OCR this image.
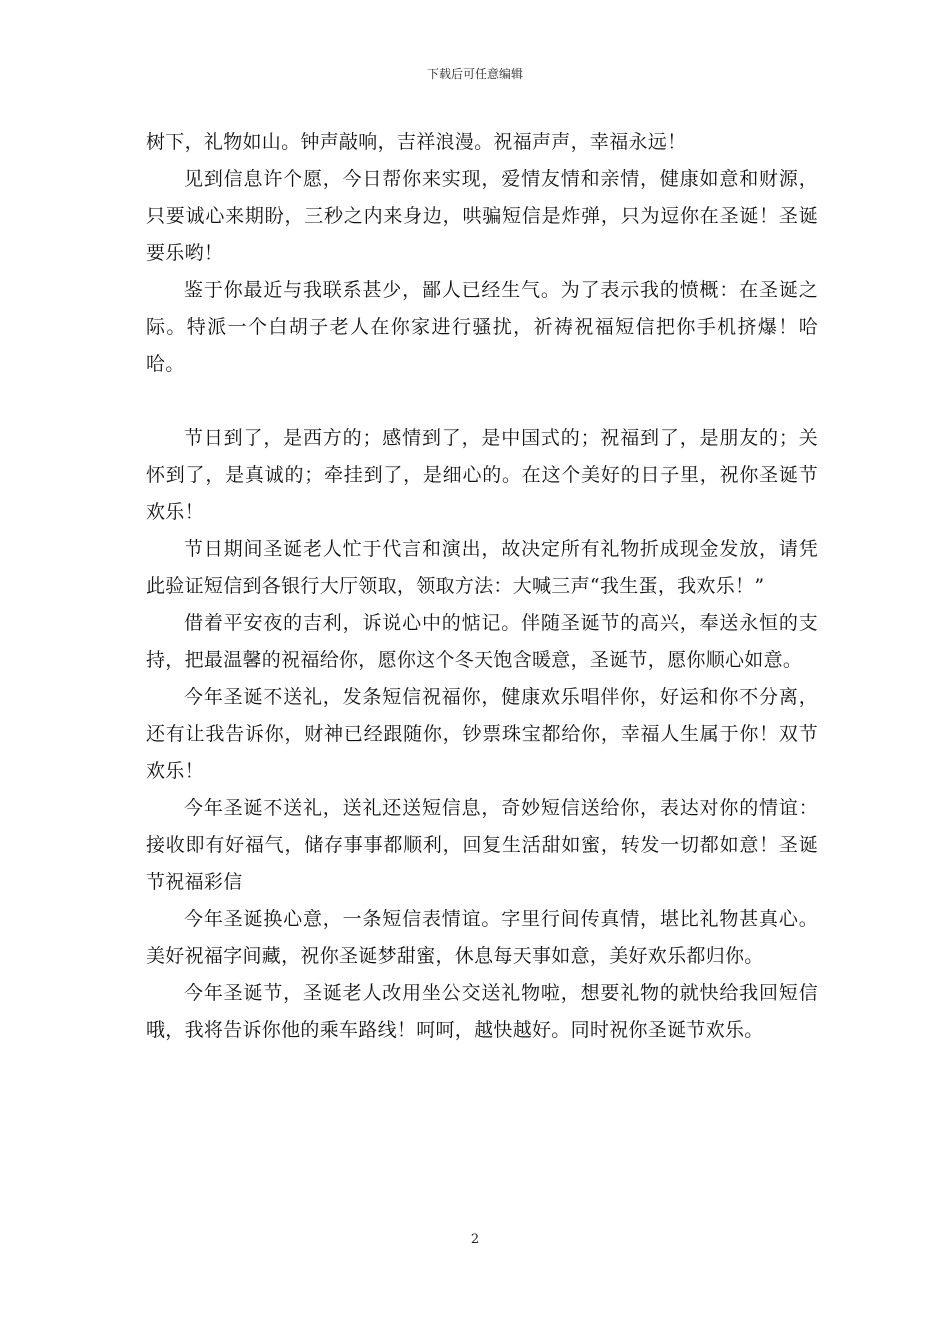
下载后可任意编辑

树下，礼物如山。钟声敲响，吉祥浪漫。祝福声声，幸福永远！

见到信息许个愿，今日帮你来实现，爱情友情和亲情，健康如意和财源，只要诚心来期盼，三秒之内来身边，哄骗短信是炸弹，只为逗你在圣诞！圣诞要乐哟！

鉴于你最近与我联系甚少，鄙人已经生气。为了表示我的愤概：在圣诞之际。特派一个白胡子老人在你家进行骚扰，祈祷祝福短信把你手机挤爆！哈哈。

节日到了，是西方的；感情到了，是中国式的；祝福到了，是朋友的；关怀到了，是真诚的；牵挂到了，是细心的。在这个美好的日子里，祝你圣诞节欢乐！

节日期间圣诞老人忙于代言和演出，故决定所有礼物折成现金发放，请凭此验证短信到各银行大厅领取，领取方法：大喊三声“我生蛋，我欢乐！”

借着平安夜的吉利，诉说心中的惦记。伴随圣诞节的高兴，奉送永恒的支持，把最温馨的祝福给你，愿你这个冬天饱含暖意，圣诞节，愿你顺心如意。

今年圣诞不送礼，发条短信祝福你，健康欢乐唱伴你，好运和你不分离，还有让我告诉你，财神已经跟随你，钞票珠宝都给你，幸福人生属于你！双节欢乐！

今年圣诞不送礼，送礼还送短信息，奇妙短信送给你，表达对你的情谊：接收即有好福气，储存事事都顺利，回复生活甜如蜜，转发一切都如意！圣诞节祝福彩信

今年圣诞换心意，一条短信表情谊。字里行间传真情，堪比礼物甚真心。美好祝福字间藏，祝你圣诞梦甜蜜，休息每天事如意，美好欢乐都归你。

今年圣诞节，圣诞老人改用坐公交送礼物啦，想要礼物的就快给我回短信哦，我将告诉你他的乘车路线！呵呵，越快越好。同时祝你圣诞节欢乐。

2
